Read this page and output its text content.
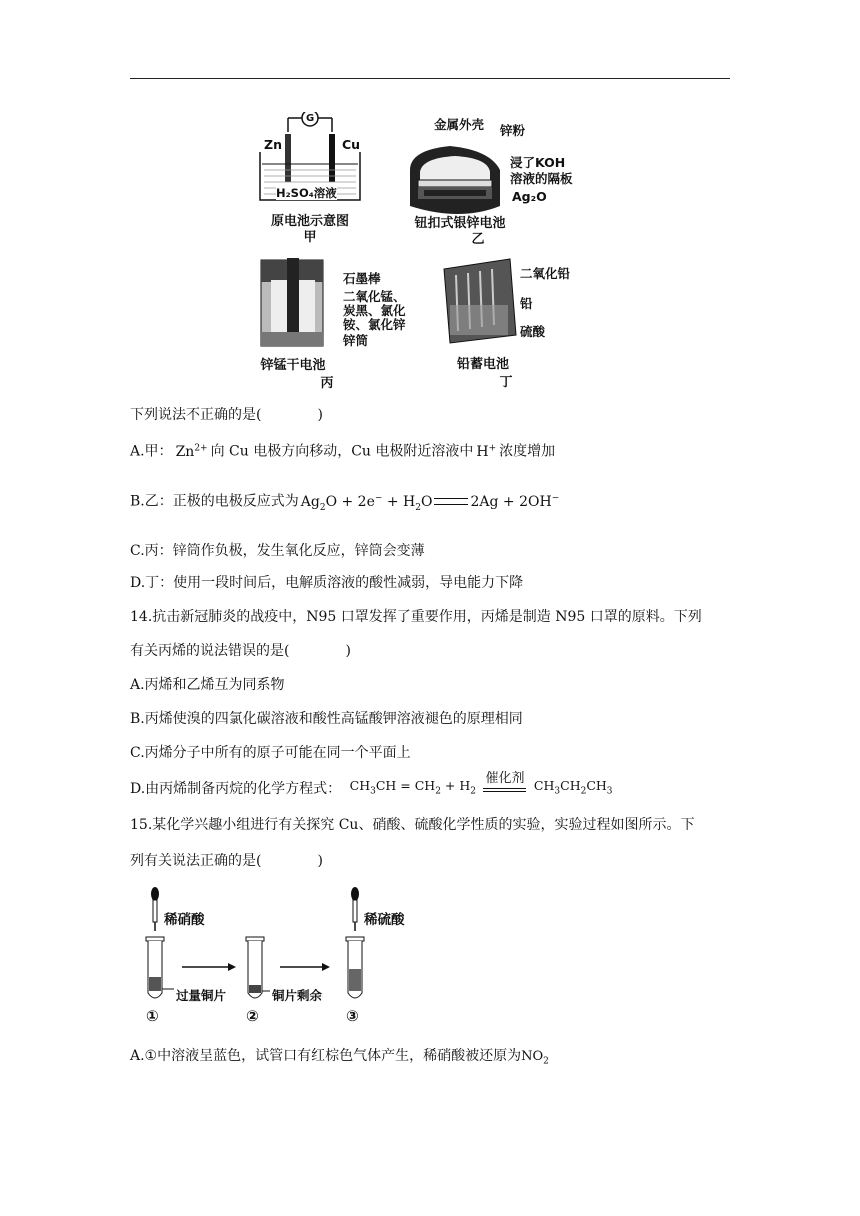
Zn	Cu
G
H₂SO₄溶液
原电池示意图
甲
金属外壳 锌粉
浸了KOH
溶液的隔板
Ag₂O
钮扣式银锌电池
乙
石墨棒
二氧化锰、
炭黑、氯化
铵、氯化锌
锌筒
锌锰干电池
丙
二氧化铅
铅
硫酸
铅蓄电池
丁
下列说法不正确的是(　　　　)
A.甲： $Zn^{2+}$ 向 Cu 电极方向移动，Cu 电极附近溶液中 H+ 浓度增加
B.乙：正极的电极反应式为 $Ag_2O + 2e^- + H_2O$	2Ag + 2OH−
C.丙：锌筒作负极，发生氧化反应，锌筒会变薄
D.丁：使用一段时间后，电解质溶液的酸性减弱，导电能力下降
14.抗击新冠肺炎的战疫中，N95 口罩发挥了重要作用，丙烯是制造 N95 口罩的原料。下列
有关丙烯的说法错误的是(　　　　)
A.丙烯和乙烯互为同系物
B.丙烯使溴的四氯化碳溶液和酸性高锰酸钾溶液褪色的原理相同
C.丙烯分子中所有的原子可能在同一个平面上
D.由丙烯制备丙烷的化学方程式： $CH_3CH = CH_2 + H_2$
催化剂 $CH_3CH_2CH_3$
15.某化学兴趣小组进行有关探究 Cu、硝酸、硫酸化学性质的实验，实验过程如图所示。下
列有关说法正确的是(　　　　)
稀硝酸	稀硫酸
过量铜片	铜片剩余
①	②	③
A.①中溶液呈蓝色，试管口有红棕色气体产生，稀硝酸被还原为$NO_2$
